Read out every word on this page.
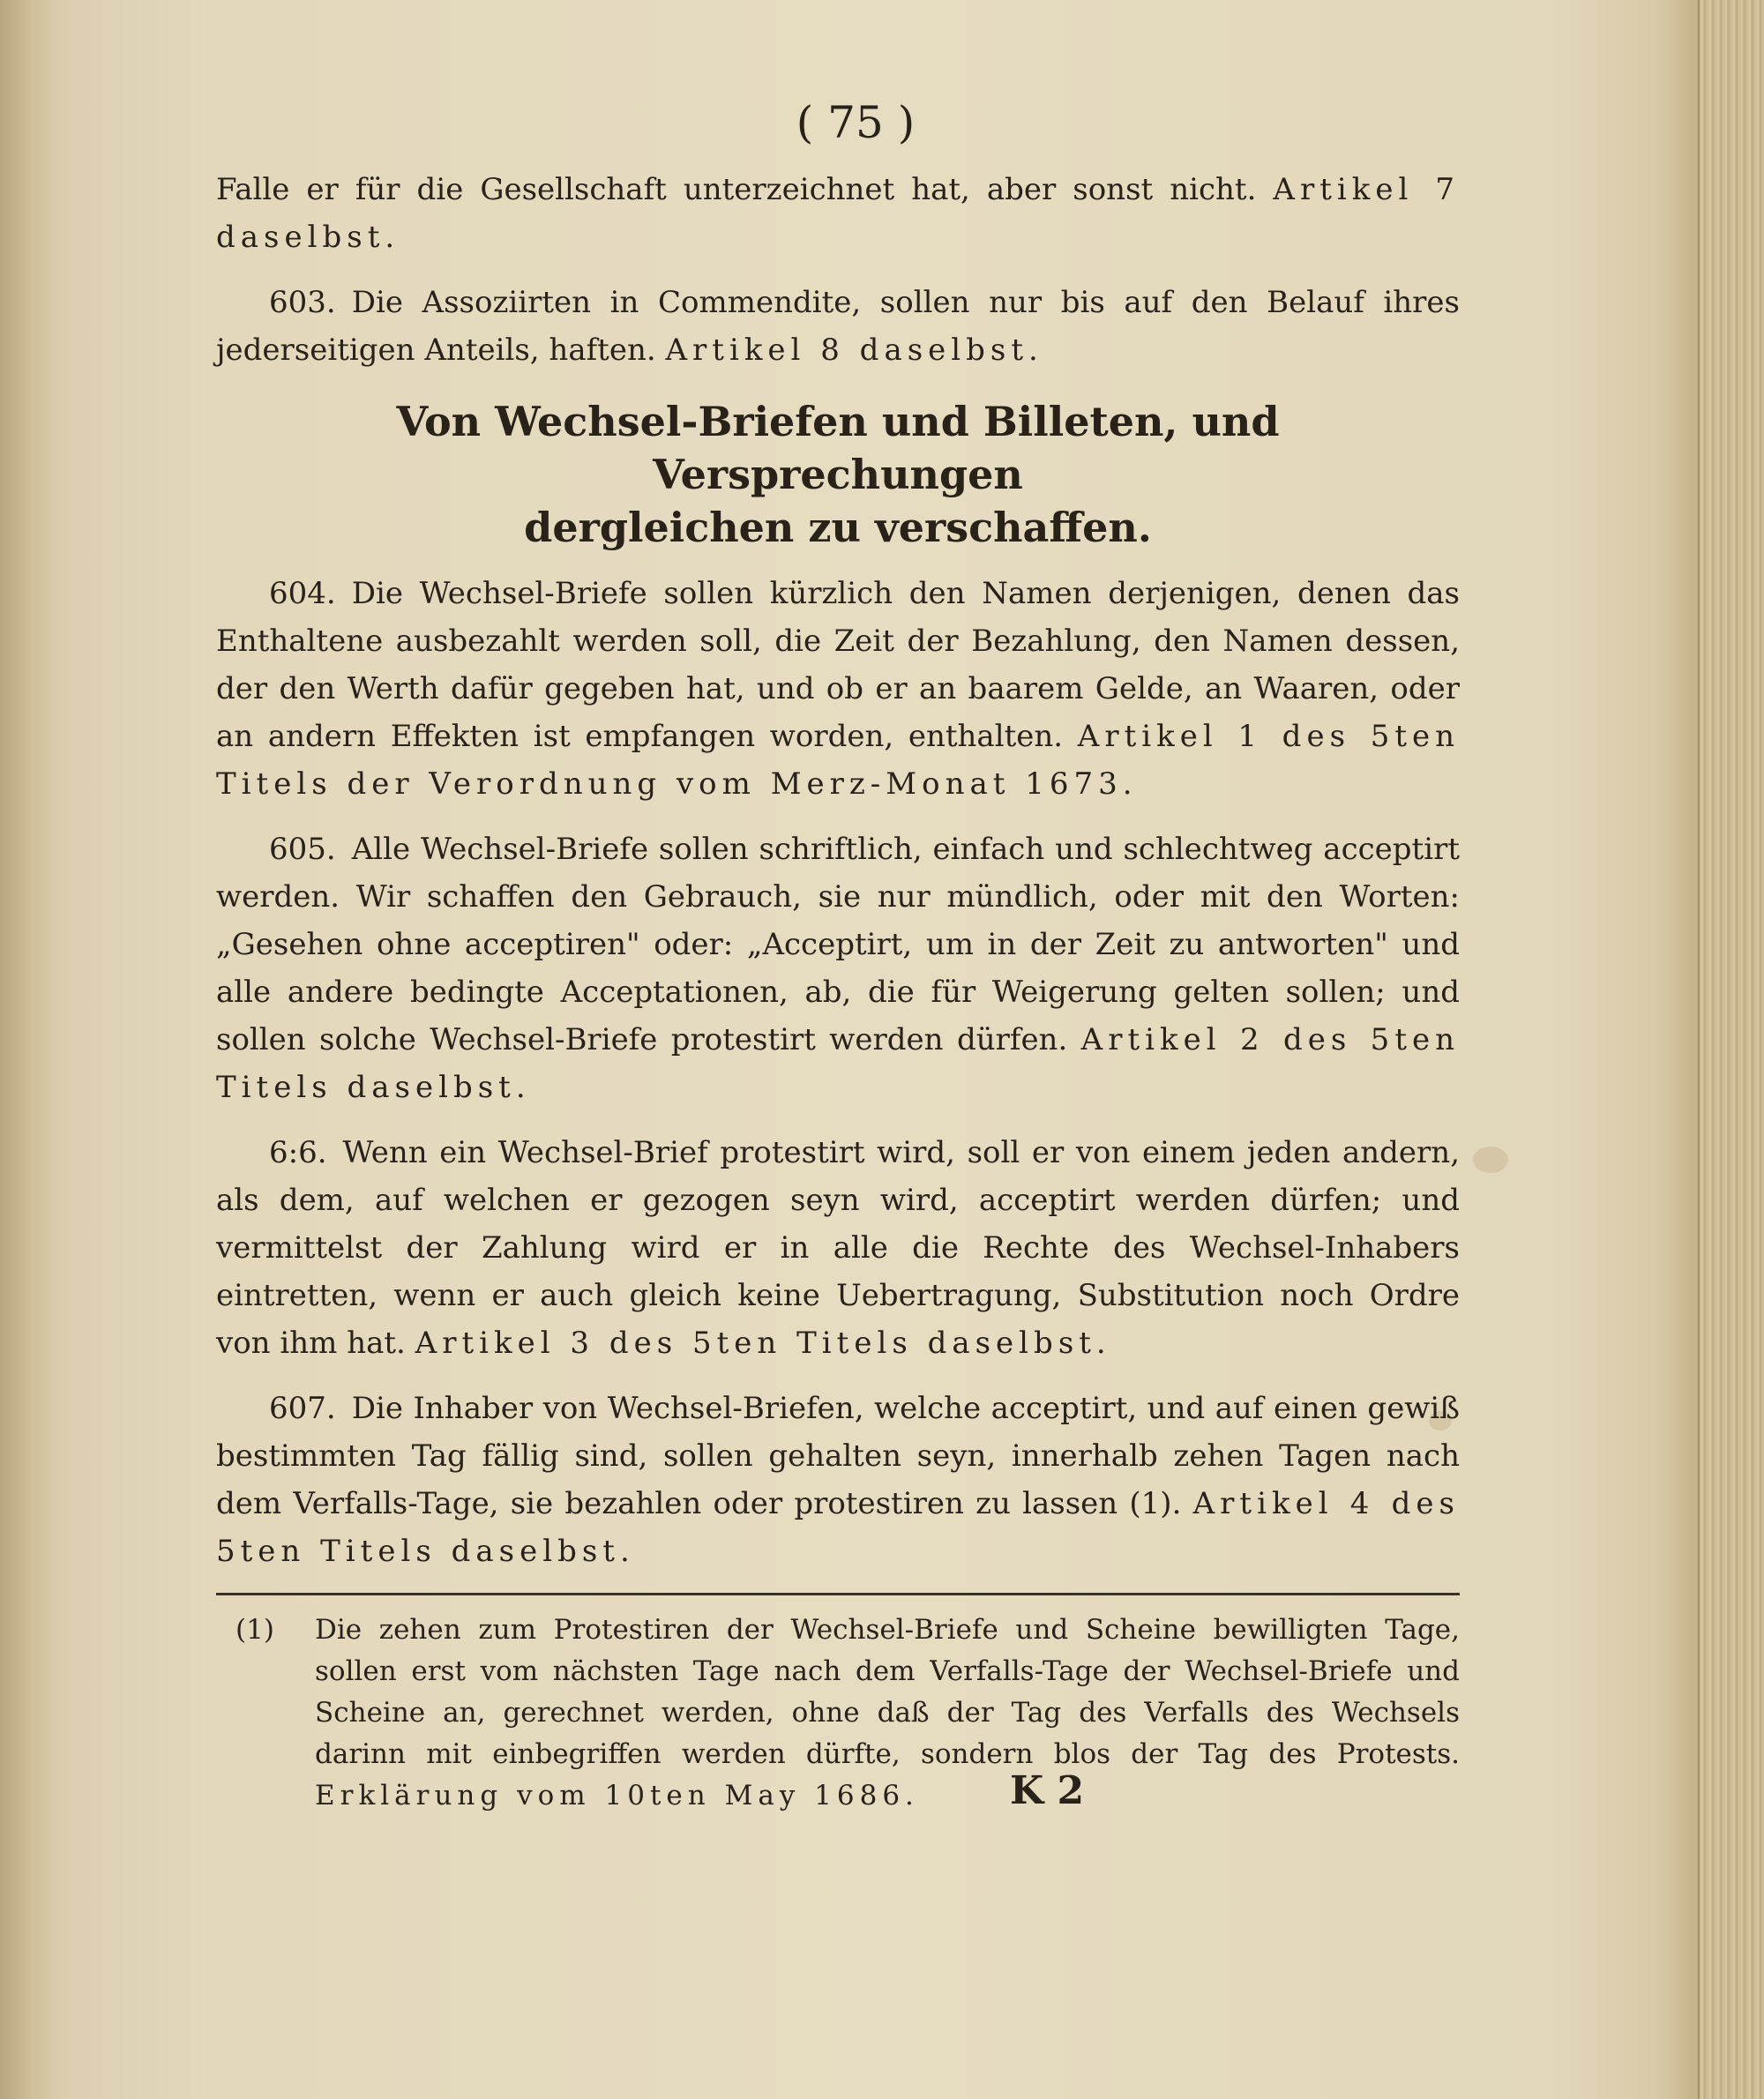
( 75 )

Falle er für die Gesellschaft unterzeichnet hat, aber sonst nicht. Artikel 7 daselbst.

603. Die Assoziirten in Commendite, sollen nur bis auf den Belauf ihres jederseitigen Anteils, haften. Artikel 8 daselbst.

Von Wechsel-Briefen und Billeten, und Versprechungen
dergleichen zu verschaffen.

604. Die Wechsel-Briefe sollen kürzlich den Namen derjenigen, denen das Enthaltene ausbezahlt werden soll, die Zeit der Bezahlung, den Namen dessen, der den Werth dafür gegeben hat, und ob er an baarem Gelde, an Waaren, oder an andern Effekten ist empfangen worden, enthalten. Artikel 1 des 5ten Titels der Verordnung vom Merz-Monat 1673.

605. Alle Wechsel-Briefe sollen schriftlich, einfach und schlechtweg acceptirt werden. Wir schaffen den Gebrauch, sie nur mündlich, oder mit den Worten: „Gesehen ohne acceptiren" oder: „Acceptirt, um in der Zeit zu antworten" und alle andere bedingte Acceptationen, ab, die für Weigerung gelten sollen; und sollen solche Wechsel-Briefe protestirt werden dürfen. Artikel 2 des 5ten Titels daselbst.

6:6. Wenn ein Wechsel-Brief protestirt wird, soll er von einem jeden andern, als dem, auf welchen er gezogen seyn wird, acceptirt werden dürfen; und vermittelst der Zahlung wird er in alle die Rechte des Wechsel-Inhabers eintretten, wenn er auch gleich keine Uebertragung, Substitution noch Ordre von ihm hat. Artikel 3 des 5ten Titels daselbst.

607. Die Inhaber von Wechsel-Briefen, welche acceptirt, und auf einen gewiß bestimmten Tag fällig sind, sollen gehalten seyn, innerhalb zehen Tagen nach dem Verfalls-Tage, sie bezahlen oder protestiren zu lassen (1). Artikel 4 des 5ten Titels daselbst.

(1)	Die zehen zum Protestiren der Wechsel-Briefe und Scheine bewilligten Tage, sollen erst vom nächsten Tage nach dem Verfalls-Tage der Wechsel-Briefe und Scheine an, gerechnet werden, ohne daß der Tag des Verfalls des Wechsels darinn mit einbegriffen werden dürfte, sondern blos der Tag des Protests. Erklärung vom 10ten May 1686.	K 2
